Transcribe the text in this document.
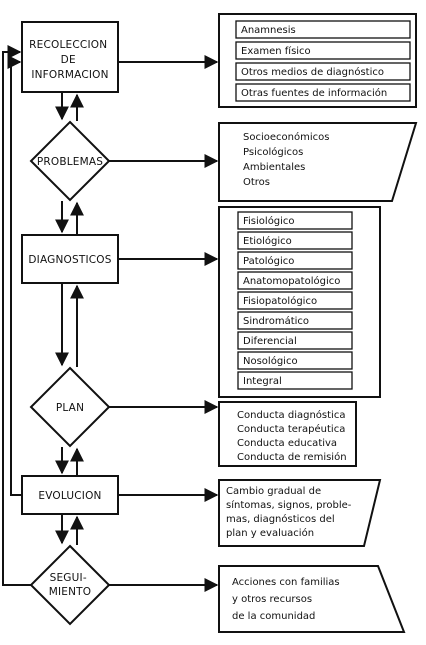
RECOLECCION DE INFORMACION
PROBLEMAS
DIAGNOSTICOS
PLAN
EVOLUCION
SEGUI- MIENTO
Anamnesis
Examen físico
Otros medios de diagnóstico
Otras fuentes de información
Socioeconómicos
Psicológicos
Ambientales
Otros
Fisiológico
Etiológico
Patológico
Anatomopatológico
Fisiopatológico
Sindromático
Diferencial
Nosológico
Integral
Conducta diagnóstica
Conducta terapéutica
Conducta educativa
Conducta de remisión
Cambio gradual de
síntomas, signos, proble-
mas, diagnósticos del
plan y evaluación
Acciones con familias
y otros recursos
de la comunidad
